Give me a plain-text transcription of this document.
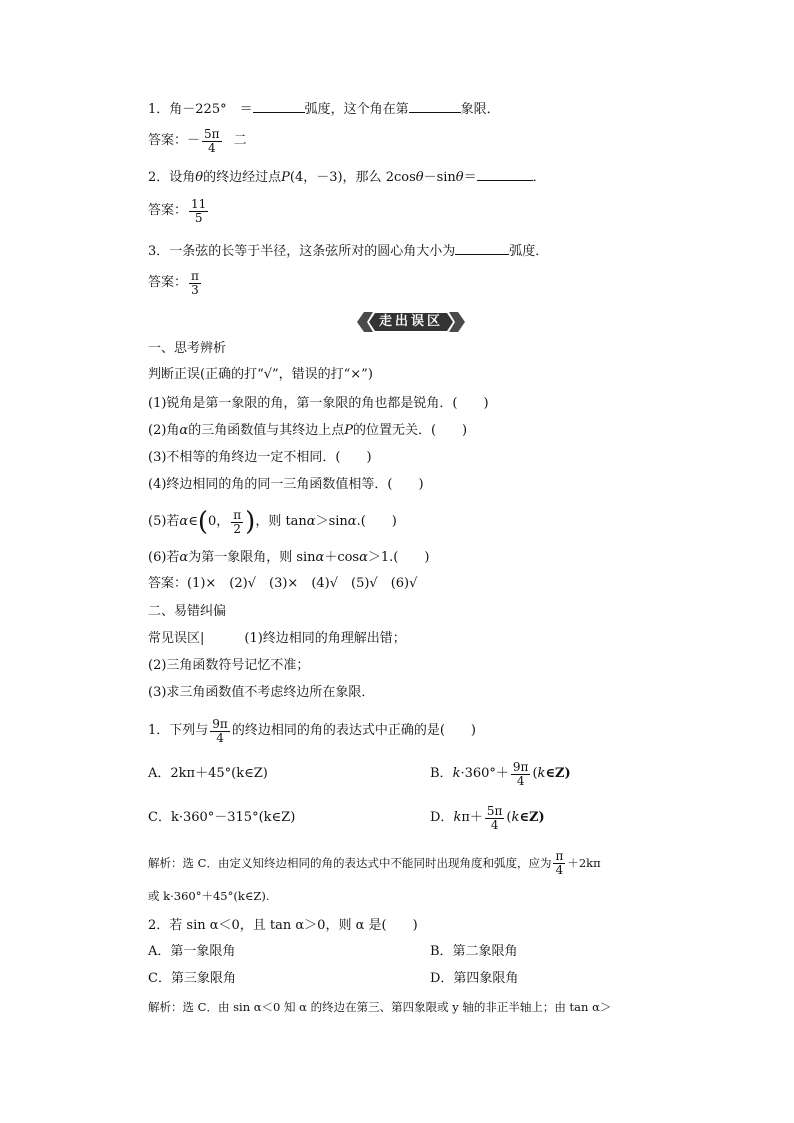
1．角－225°　＝	弧度，这个角在第	象限．
答案： － $\frac{5\pi}{4}$ 二
2．设角θ的终边经过点P(4，－3)，那么 2cosθ－sinθ＝	．
答案： $\frac{11}{5}$
3．一条弦的长等于半径，这条弦所对的圆心角大小为	弧度．
答案： $\frac{\pi}{3}$
走出误区
一、思考辨析
判断正误(正确的打“√”，错误的打“×”)
(1)锐角是第一象限的角，第一象限的角也都是锐角．(　　)
(2)角α的三角函数值与其终边上点P的位置无关．(　　)
(3)不相等的角终边一定不相同．(　　)
(4)终边相同的角的同一三角函数值相等．(　　)
(5)若 α ∈ ( 0， $\frac{\pi}{2}$ ) ，则 tan α ＞sin α .(　　)
(6)若α为第一象限角，则 sinα＋cosα＞1.(　　)
答案：(1)×　(2)√　(3)×　(4)√　(5)√　(6)√
二、易错纠偏
常见误区|	(1)终边相同的角理解出错；
(2)三角函数符号记忆不准；
(3)求三角函数值不考虑终边所在象限．
1．下列与 $\frac{9\pi}{4}$ 的终边相同的角的表达式中正确的是(　　)
A．2kπ＋45°(k∈Z)	B． $k \cdot 360^\circ+ \frac{9\pi}{4}$ ( k ∈Z)
C．k·360°－315°(k∈Z)	D． k $\pi+ \frac{5\pi}{4}$ ( k ∈Z)
解析：选 C．由定义知终边相同的角的表达式中不能同时出现角度和弧度，应为 $\frac{\pi}{4} +2k\pi$
或 k·360°＋45°(k∈Z).
2．若 sin α＜0，且 tan α＞0，则 α 是(　　)
A．第一象限角	B．第二象限角
C．第三象限角	D．第四象限角
解析：选 C．由 sin α＜0 知 α 的终边在第三、第四象限或 y 轴的非正半轴上；由 tan α＞
